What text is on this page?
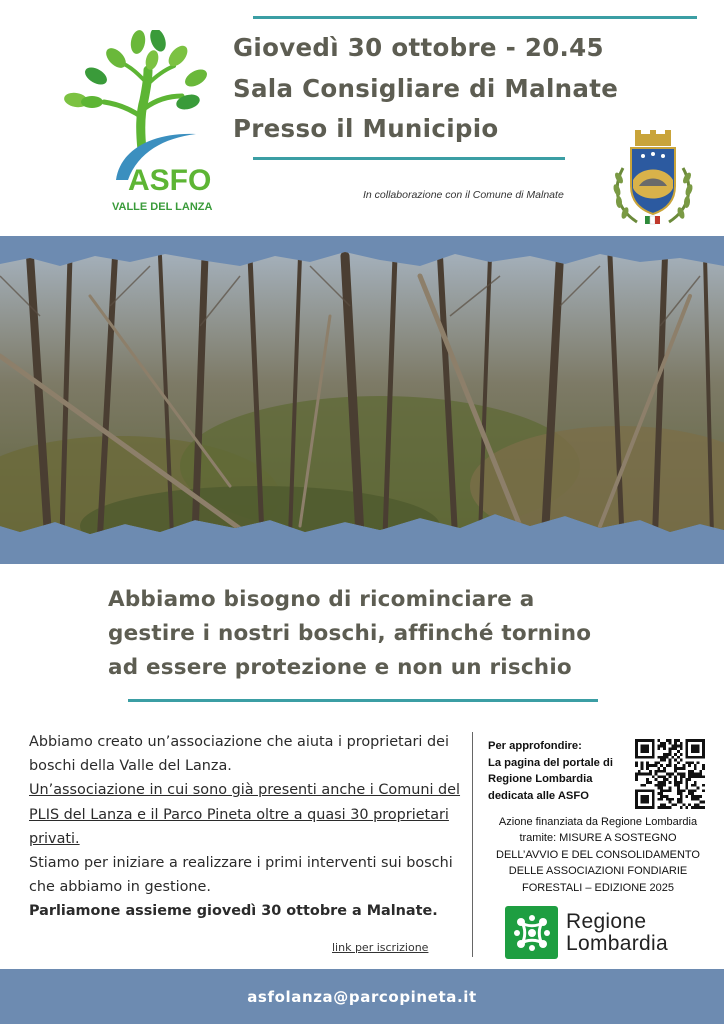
ASFO
VALLE DEL LANZA
Giovedì 30 ottobre - 20.45
Sala Consigliare di Malnate
Presso il Municipio
In collaborazione con il Comune di Malnate
Abbiamo bisogno di ricominciare a
gestire i nostri boschi, affinché tornino
ad essere protezione e non un rischio
Abbiamo creato un’associazione che aiuta i proprietari dei boschi della Valle del Lanza.
Un’associazione in cui sono già presenti anche i Comuni del PLIS del Lanza e il Parco Pineta oltre a quasi 30 proprietari privati.
Stiamo per iniziare a realizzare i primi interventi sui boschi che abbiamo in gestione.
Parliamone assieme giovedì 30 ottobre a Malnate.
link per iscrizione
Per approfondire:
La pagina del portale di
Regione Lombardia
dedicata alle ASFO
Azione finanziata da Regione Lombardia
tramite: MISURE A SOSTEGNO
DELL’AVVIO E DEL CONSOLIDAMENTO
DELLE ASSOCIAZIONI FONDIARIE
FORESTALI – EDIZIONE 2025
Regione
Lombardia
asfolanza@parcopineta.it
